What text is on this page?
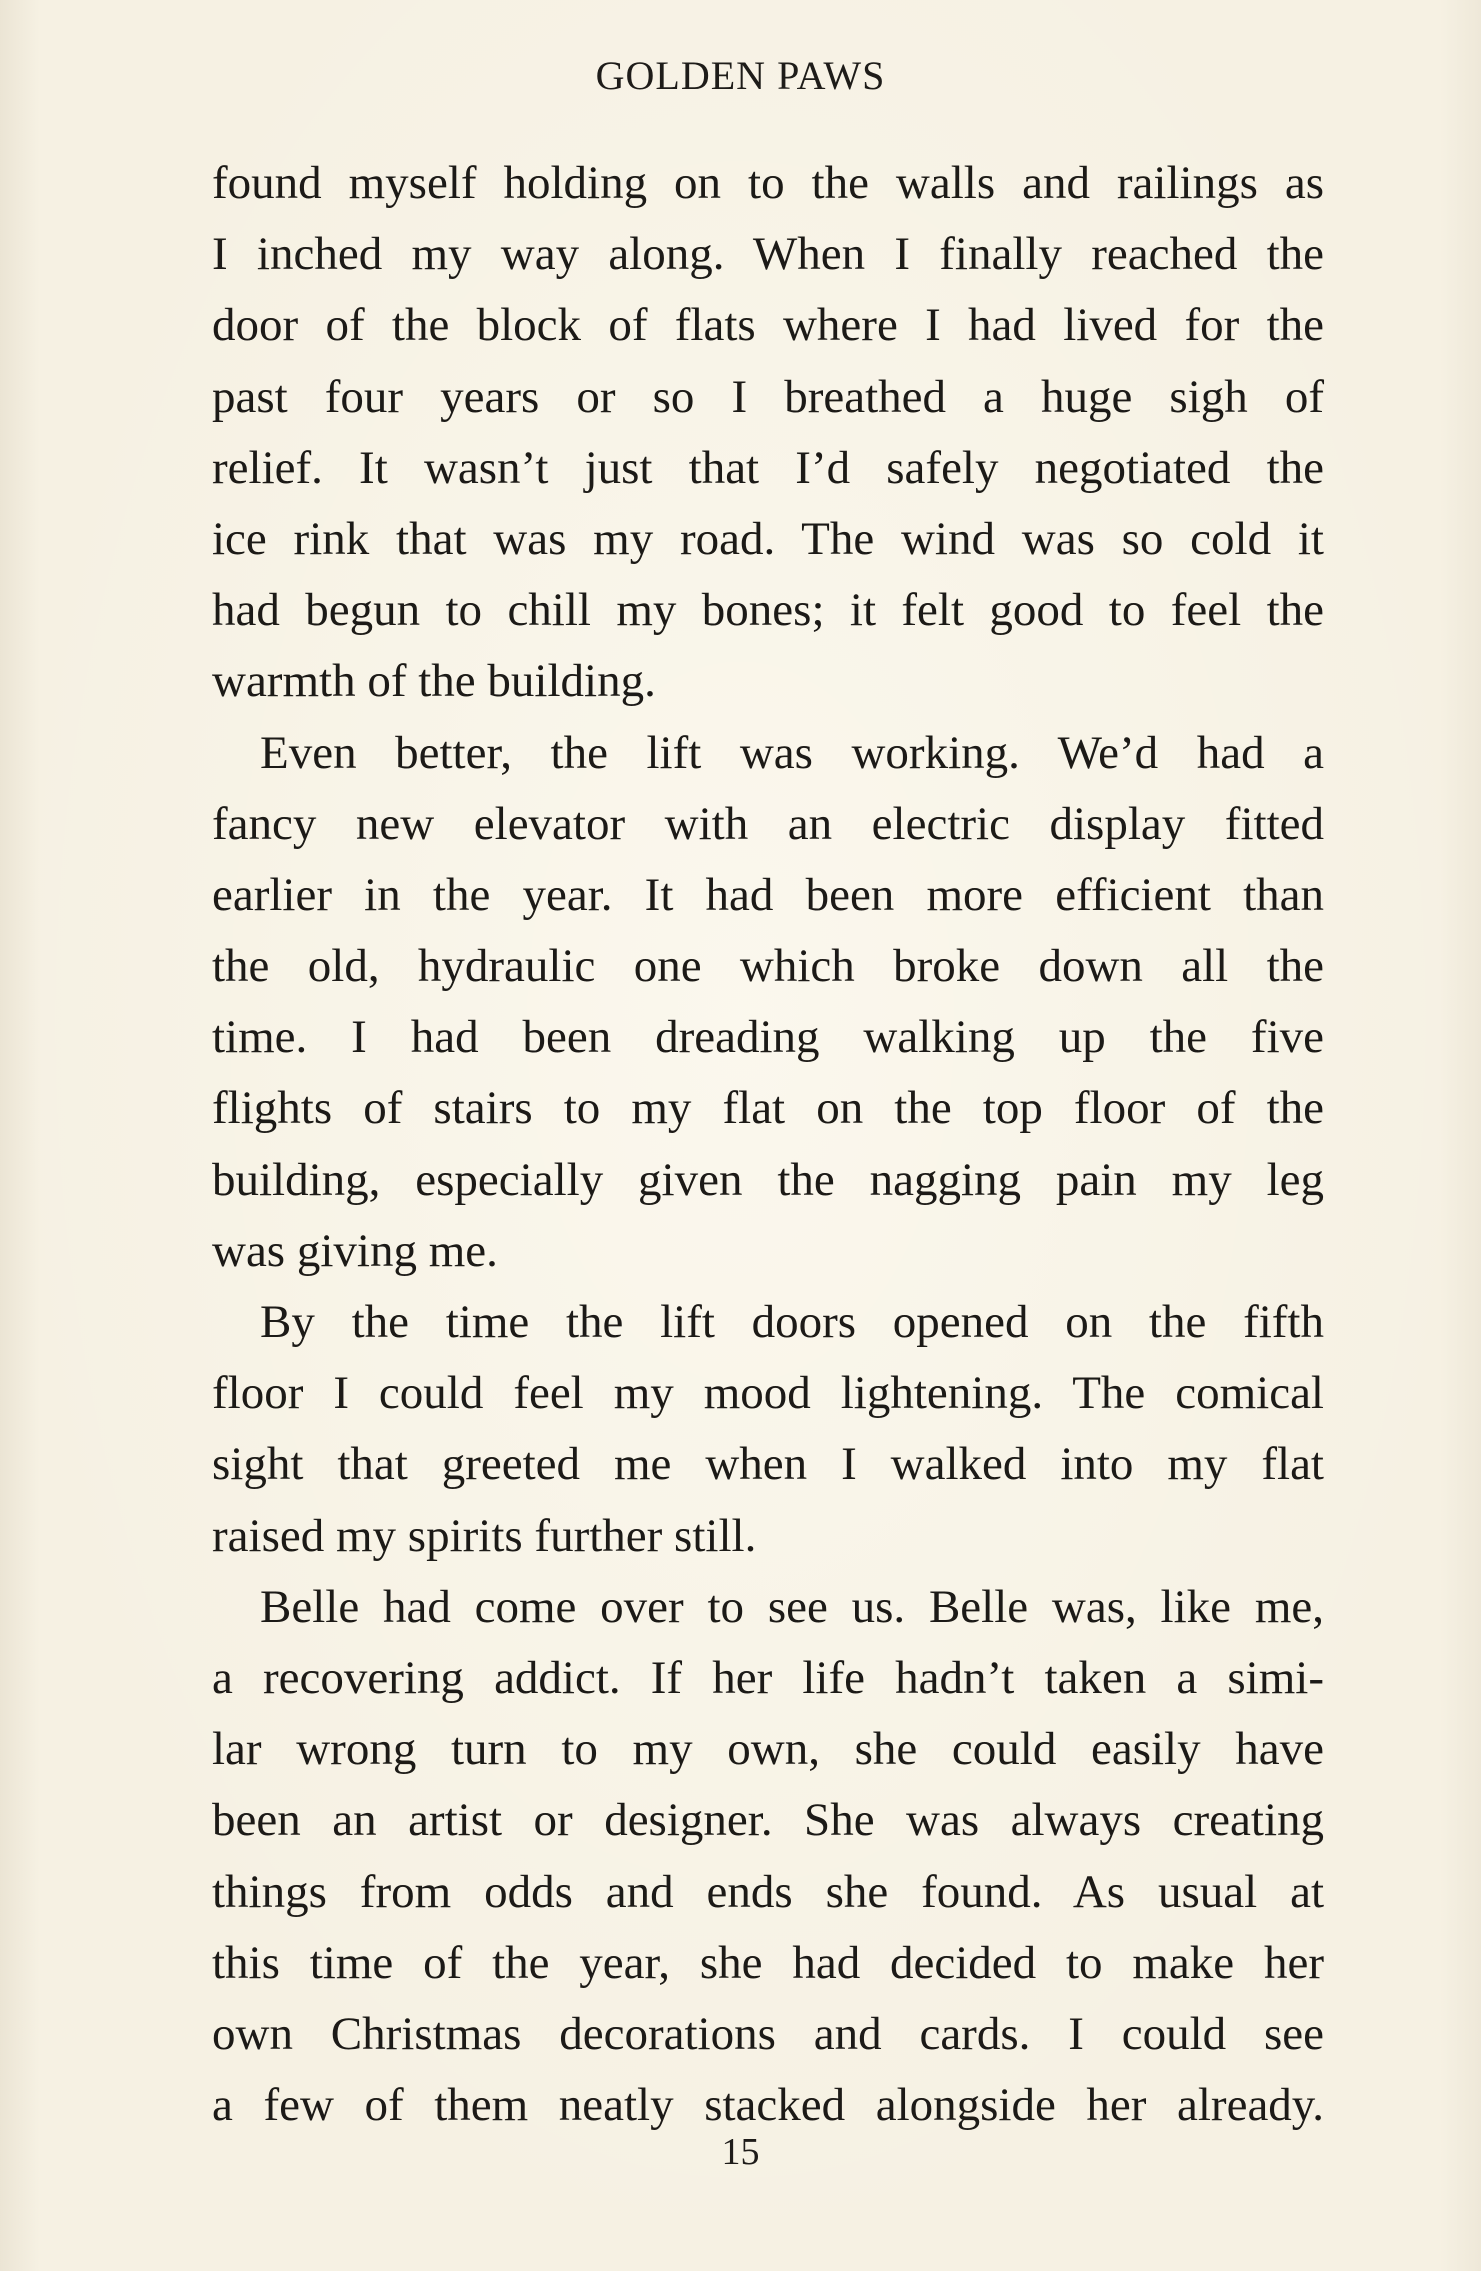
GOLDEN PAWS
found myself holding on to the walls and railings as
I inched my way along. When I finally reached the
door of the block of flats where I had lived for the
past four years or so I breathed a huge sigh of
relief. It wasn’t just that I’d safely negotiated the
ice rink that was my road. The wind was so cold it
had begun to chill my bones; it felt good to feel the
warmth of the building.
Even better, the lift was working. We’d had a
fancy new elevator with an electric display fitted
earlier in the year. It had been more efficient than
the old, hydraulic one which broke down all the
time. I had been dreading walking up the five
flights of stairs to my flat on the top floor of the
building, especially given the nagging pain my leg
was giving me.
By the time the lift doors opened on the fifth
floor I could feel my mood lightening. The comical
sight that greeted me when I walked into my flat
raised my spirits further still.
Belle had come over to see us. Belle was, like me,
a recovering addict. If her life hadn’t taken a simi-
lar wrong turn to my own, she could easily have
been an artist or designer. She was always creating
things from odds and ends she found. As usual at
this time of the year, she had decided to make her
own Christmas decorations and cards. I could see
a few of them neatly stacked alongside her already.
15
